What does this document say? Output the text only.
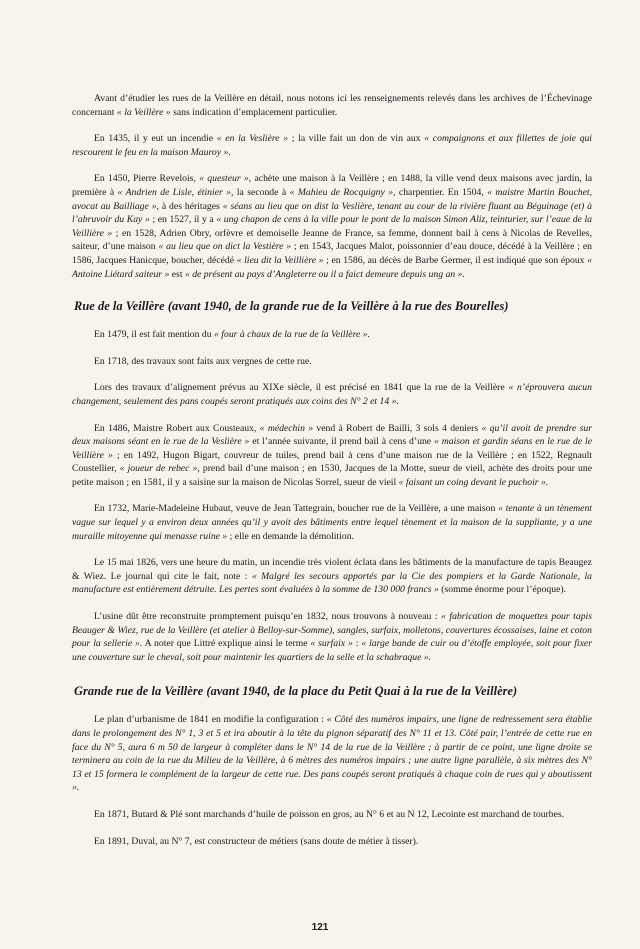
Avant d’étudier les rues de la Veillère en détail, nous notons ici les renseignements relevés dans les archives de l’Échevinage concernant « la Veillère » sans indication d’emplacement particulier.

En 1435, il y eut un incendie « en la Veslière » ; la ville fait un don de vin aux « compaignons et aux fillettes de joie qui rescourent le feu en la maison Mauroy ».

En 1450, Pierre Revelois, « questeur », achète une maison à la Veillère ; en 1488, la ville vend deux maisons avec jardin, la première à « Andrien de Lisle, étinier », la seconde à « Mahieu de Rocquigny », charpentier. En 1504, « maistre Martin Bouchet, avocat au Bailliage », à des héritages « séans au lieu que on dist la Veslière, tenant au cour de la rivière fluant au Béguinage (et) à l’abruvoir du Kay » ; en 1527, il y a « ung chapon de cens à la ville pour le pont de la maison Simon Aliz, teinturier, sur l’eaue de la Veillière » ; en 1528, Adrien Obry, orfèvre et demoiselle Jeanne de France, sa femme, donnent bail à cens à Nicolas de Revelles, saiteur, d’une maison « au lieu que on dict la Vestière » ; en 1543, Jacques Malot, poissonnier d’eau douce, décédé à la Veillère ; en 1586, Jacques Hanicque, boucher, décédé « lieu dit la Veillière » ; en 1586, au décès de Barbe Germer, il est indiqué que son époux « Antoine Liétard saiteur » est « de présent au pays d’Angleterre ou il a faict demeure depuis ung an ».

Rue de la Veillère (avant 1940, de la grande rue de la Veillère à la rue des Bourelles)

En 1479, il est fait mention du « four à chaux de la rue de la Veillère ».

En 1718, des travaux sont faits aux vergnes de cette rue.

Lors des travaux d’alignement prévus au XIXe siècle, il est précisé en 1841 que la rue de la Veillère « n’éprouvera aucun changement, seulement des pans coupés seront pratiqués aux coins des N° 2 et 14 ».

En 1486, Maistre Robert aux Cousteaux, « médechin » vend à Robert de Bailli, 3 sols 4 deniers « qu’il avoit de prendre sur deux maisons séant en le rue de la Veslière » et l’année suivante, il prend bail à cens d’une « maison et gardin séans en le rue de le Veillière » ; en 1492, Hugon Bigart, couvreur de tuiles, prend bail à cens d’une maison rue de la Veillère ; en 1522, Regnault Coustellier, « joueur de rebec », prend bail d’une maison ; en 1530, Jacques de la Motte, sueur de vieil, achète des droits pour une petite maison ; en 1581, il y a saisine sur la maison de Nicolas Sorrel, sueur de vieil « faisant un coing devant le puchoir ».

En 1732, Marie-Madeleine Hubaut, veuve de Jean Tattegrain, boucher rue de la Veillère, a une maison « tenante à un tènement vague sur lequel y a environ deux années qu’il y avoit des bâtiments entre lequel tènement et la maison de la suppliante, y a une muraille mitoyenne qui menasse ruine » ; elle en demande la démolition.

Le 15 mai 1826, vers une heure du matin, un incendie très violent éclata dans les bâtiments de la manufacture de tapis Beaugez & Wiez. Le journal qui cite le fait, note : « Malgré les secours apportés par la Cie des pompiers et la Garde Nationale, la manufacture est entièrement détruite. Les pertes sont évaluées à la somme de 130 000 francs » (somme énorme pour l’époque).

L’usine dût être reconstruite promptement puisqu’en 1832, nous trouvons à nouveau : « fabrication de moquettes pour tapis Beauger & Wiez, rue de la Veillère (et atelier à Belloy-sur-Somme), sangles, surfaix, molletons, couvertures écossaises, laine et coton pour la sellerie ». A noter que Littré explique ainsi le terme « surfaix » : « large bande de cuir ou d’étoffe employée, soit pour fixer une couverture sur le cheval, soit pour maintenir les quartiers de la selle et la schabraque ».

Grande rue de la Veillère (avant 1940, de la place du Petit Quai à la rue de la Veillère)

Le plan d’urbanisme de 1841 en modifie la configuration : « Côté des numéros impairs, une ligne de redressement sera établie dans le prolongement des N° 1, 3 et 5 et ira aboutir à la tête du pignon séparatif des N° 11 et 13. Côté pair, l’entrée de cette rue en face du N° 5, aura 6 m 50 de largeur à compléter dans le N° 14 de la rue de la Veillère ; à partir de ce point, une ligne droite se terminera au coin de la rue du Milieu de la Veillère, à 6 mètres des numéros impairs ; une autre ligne parallèle, à six mètres des N° 13 et 15 formera le complément de la largeur de cette rue. Des pans coupés seront pratiqués à chaque coin de rues qui y aboutissent ».

En 1871, Butard & Plé sont marchands d’huile de poisson en gros, au N° 6 et au N 12, Lecointe est marchand de tourbes.

En 1891, Duval, au N° 7, est constructeur de métiers (sans doute de métier à tisser).

121
